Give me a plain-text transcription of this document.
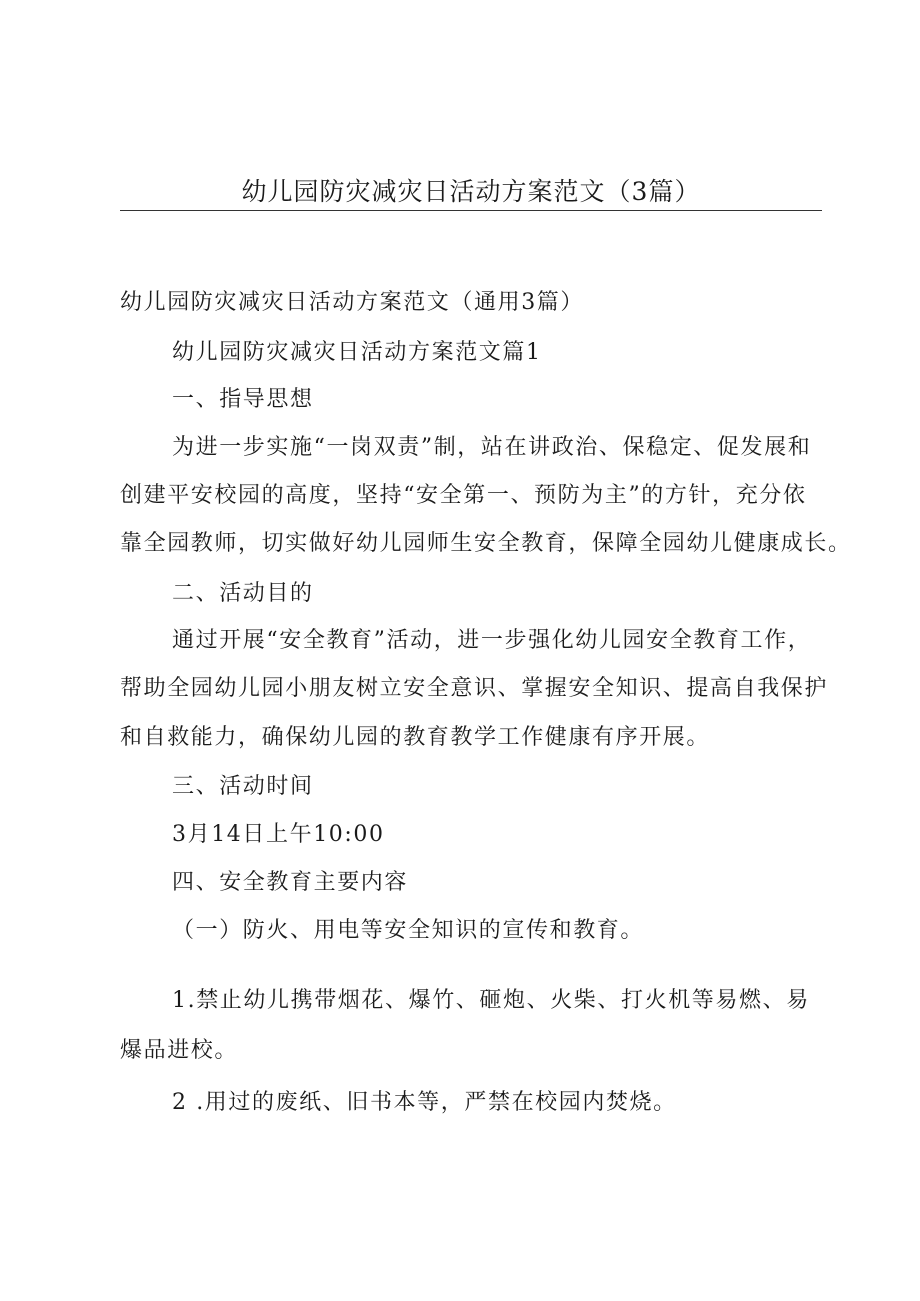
幼儿园防灾减灾日活动方案范文（3篇）
幼儿园防灾减灾日活动方案范文（通用3篇）
幼儿园防灾减灾日活动方案范文篇1
一、指导思想
为进一步实施“一岗双责”制，站在讲政治、保稳定、促发展和
创建平安校园的高度，坚持“安全第一、预防为主”的方针，充分依
靠全园教师，切实做好幼儿园师生安全教育，保障全园幼儿健康成长。
二、活动目的
通过开展“安全教育”活动，进一步强化幼儿园安全教育工作，
帮助全园幼儿园小朋友树立安全意识、掌握安全知识、提高自我保护
和自救能力，确保幼儿园的教育教学工作健康有序开展。
三、活动时间
3月14日上午10:00
四、安全教育主要内容
（一）防火、用电等安全知识的宣传和教育。
1.禁止幼儿携带烟花、爆竹、砸炮、火柴、打火机等易燃、易
爆品进校。
2 .用过的废纸、旧书本等，严禁在校园内焚烧。
